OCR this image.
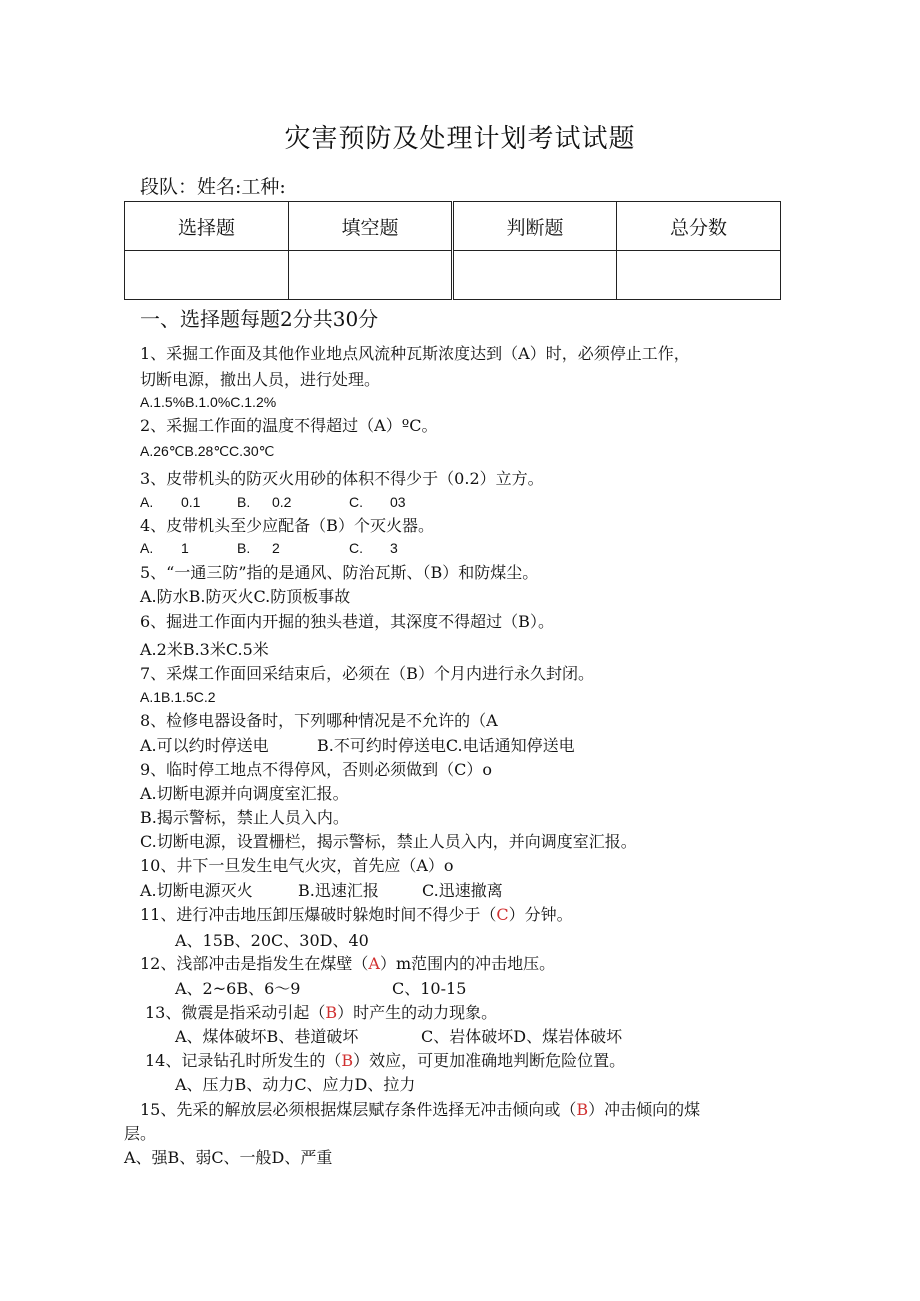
灾害预防及处理计划考试试题
段队：姓名:工种:
选择题	填空题	判断题	总分数

一、选择题每题2分共30分
1、采掘工作面及其他作业地点风流种瓦斯浓度达到（A）时，必须停止工作，
切断电源，撤出人员，进行处理。
A.1.5%B.1.0%C.1.2%
2、采掘工作面的温度不得超过（A）ºC。
A.26℃B.28℃C.30℃
3、皮带机头的防灭火用砂的体积不得少于（0.2）立方。
A. 0.1	B. 0.2	C. 03
4、皮带机头至少应配备（B）个灭火器。
A. 1	B. 2	C. 3
5、“一通三防”指的是通风、防治瓦斯、（B）和防煤尘。
A.防水B.防灭火C.防顶板事故
6、掘进工作面内开掘的独头巷道，其深度不得超过（B）。
A.2米B.3米C.5米
7、采煤工作面回采结束后，必须在（B）个月内进行永久封闭。
A.1B.1.5C.2
8、检修电器设备时，下列哪种情况是不允许的（A
A.可以约时停送电	B.不可约时停送电C.电话通知停送电
9、临时停工地点不得停风，否则必须做到（C）o
A.切断电源并向调度室汇报。
B.揭示警标，禁止人员入内。
C.切断电源，设置栅栏，揭示警标，禁止人员入内，并向调度室汇报。
10、井下一旦发生电气火灾，首先应（A）o
A.切断电源灭火	B.迅速汇报	C.迅速撤离
11、进行冲击地压卸压爆破时躲炮时间不得少于（C）分钟。
A、15B、20C、30D、40
12、浅部冲击是指发生在煤壁（A）m范围内的冲击地压。
A、2~6B、6～9	C、10-15
13、微震是指采动引起（B）时产生的动力现象。
A、煤体破坏B、巷道破坏	C、岩体破坏D、煤岩体破坏
14、记录钻孔时所发生的（B）效应，可更加准确地判断危险位置。
A、压力B、动力C、应力D、拉力
15、先采的解放层必须根据煤层赋存条件选择无冲击倾向或（B）冲击倾向的煤
层。
A、强B、弱C、一般D、严重
